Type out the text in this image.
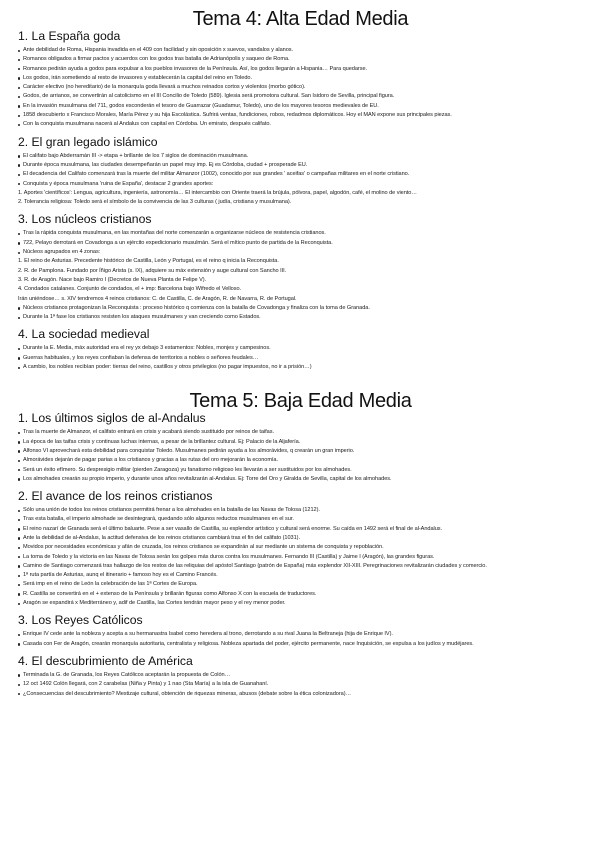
Tema 4: Alta Edad Media
1. La España goda
Ante debilidad de Roma, Hispania invadida en el 409 con facilidad y sin oposición x suevos, vandalos y alanos.
Romanos obligados a firmar pactos y acuerdos con los godos tras batalla de Adrianópolis y saqueo de Roma.
Romanos pedirán ayuda a godos para expulsar a los pueblos invasores de la Península. Así, los godos llegarán a Hispania… Para quedarse.
Los godos, irán sometiendo al resto de invasores y establecerán la capital del reino en Toledo.
Carácter electivo (no hereditario) de la monarquía goda llevará a muchos reinados cortos y violentos (morbo gótico).
Godos, de arrianos, se convertirán al catolicismo en el III Concilio de Toledo (589). Iglesia será promotora cultural. San Isidoro de Sevilla, principal figura.
En la invasión musulmana del 711, godos esconderán el tesoro de Guarrazar (Guadamur, Toledo), uno de los mayores tesoros medievales de EU.
1858 descubierto x Francisco Morales, María Pérez y su hija Escolástica. Sufrirá ventas, fundiciones, robos, redadmos diplomáticos. Hoy el MAN expone sus principales piezas.
Con la conquista musulmana nacerá al Andalus con capital en Córdoba. Un emirato, después califato.
2. El gran legado islámico
El califato bajo Abderramán III -> etapa + brillante de los 7 siglos de dominación musulmana.
Durante época musulmana, las ciudades desempeñarán un papel muy imp. Ej es Córdoba, ciudad + prosperade EU.
El decadencia del Califato comenzará tras la muerte del militar Almanzor (1002), conocido por sus grandes ' aceifas' o campañas militares en el norte cristiano.
Conquista y época musulmana 'ruina de España', destacar 2 grandes aportes:
1. Aportes 'científicos': Lengua, agricultura, ingeniería, astronomía… El intercambio con Oriente traerá la brújula, pólvora, papel, algodón, café, el molino de viento…
2. Tolerancia religiosa: Toledo será el símbolo de la convivencia de las 3 culturas ( judía, cristiana y musulmana).
3. Los núcleos cristianos
Tras la rápida conquista musulmana, en las montañas del norte comenzarán a organizarse núcleos de resistencia cristianos.
722, Pelayo derrotará en Covadonga a un ejército expedicionario musulmán. Será el mítico punto de partida de la Reconquista.
Núcleos agrupados en 4 zonas:
1. El reino de Asturias. Precedente histórico de Castilla, León y Portugal, es el reino q inicia la Reconquista.
2. R. de Pamplona. Fundado por Íñigo Arista (s. IX), adquiere su máx extensión y auge cultural con Sancho III.
3. R. de Aragón. Nace bajo Ramiro I (Decretos de Nueva Planta de Felipe V).
4. Condados catalanes. Conjunto de condados, el + imp: Barcelona bajo Wifredo el Velloso.
Irán uniéndose… s. XIV tendremos 4 reinos cristianos: C. de Castilla, C. de Aragón, R. de Navarra, R. de Portugal.
Núcleos cristianos protagonizan la Reconquista : proceso histórico q comienza con la batalla de Covadonga y finaliza con la toma de Granada.
Durante la 1ª fase los cristianos resisten los ataques musulmanes y van creciendo como Estados.
4. La sociedad medieval
Durante la E. Media, máx autoridad era el rey yx debajo 3 estamentos: Nobles, monjes y campesinos.
Guerras habituales, y los reyes confiaban la defensa de territorios a nobles o señores feudales…
A cambio, los nobles recibían poder: tierras del reino, castillos y otros privilegios (no pagar impuestos, no ir a prisión…)
Tema 5: Baja Edad Media
1. Los últimos siglos de al-Andalus
Tras la muerte de Almanzor, el califato entrará en crisis y acabará siendo sustituido por reinos de taifas.
La época de las taifas crisis y continuas luchas internas, a pesar de la brillantez cultural. Ej: Palacio de la Aljafería.
Alfonso VI aprovechará esta debilidad para conquistar Toledo. Musulmanes pedirán ayuda a los almorávides, q crearán un gran imperio.
Almorávides dejarán de pagar parias a los cristianos y gracias a las rutas del oro mejorarán la economía.
Será un éxito efímero. Su despresigio militar (pierden Zaragoza) yu fanatismo religioso les llevarán a ser sustituidos por los almohades.
Los almohades crearán su propio imperio, y durante unos años revitalizarán al-Andalus. Ej: Torre del Oro y Giralda de Sevilla, capital de los almohades.
2. El avance de los reinos cristianos
Sólo una unión de todos los reinos cristianos permitirá frenar a los almohades en la batalla de las Navas de Tolosa (1212).
Tras esta batalla, el imperio almohade se desintegrará, quedando sólo algunos reductos musulmanes en el sur.
El reino nazarí de Granada será el último baluarte. Pese a ser vasallo de Castilla, su esplendor artístico y cultural será enorme. Su caída en 1492 será el final de al-Andalus.
Ante la debilidad de al-Andalus, la actitud defensiva de los reinos cristianos cambiará tras el fin del califato (1031).
Movidos por necesidades económicas y afán de cruzada, los reinos cristianos se expandirán al sur mediante un sistema de conquista y repoblación.
La toma de Toledo y la victoria en las Navas de Tolosa serán los golpes más duros contra los musulmanes. Fernando III (Castilla) y Jaime I (Aragón), las grandes figuras.
Camino de Santiago comenzará tras hallazgo de los restos de las reliquias del apóstol Santiago (patrón de España) más explendor XII-XIII. Peregrinaciones revitalizarán ciudades y comercio.
1ª ruta partía de Asturias, aunq el itinerario + famoso hoy es el Camino Francés.
Será imp en el reino de León la celebración de las 1ª Cortes de Europa.
R. Castilla se convertirá en el + extenso de la Península y brillarán figuras como Alfonso X con la escuela de traductores.
Aragón se expandirá x Mediterráneo y, adif de Castilla, las Cortes tendrán mayor peso y el rey menor poder.
3. Los Reyes Católicos
Enrique IV cede ante la nobleza y acepta a su hermanastra Isabel como heredera al trono, derrotando a su rival Juana la Beltraneja (hija de Enrique IV).
Casada con Fer de Aragón, crearán monarquía autoritaria, centralista y religiosa. Nobleza apartada del poder, ejército permanente, nace Inquisición, se expulsa a los judíos y mudéjares.
4. El descubrimiento de América
Terminada la G. de Granada, los Reyes Católicos aceptarán la propuesta de Colón…
12 oct 1492 Colón llegará, con 2 carabelas (Niña y Pinta) y 1 nao (Sta María) a la isla de Guanahaní.
¿Consecuencias del descubrimiento? Mestizaje cultural, obtención de riquezas mineras, abusos (debate sobre la ética colonizadora)…
